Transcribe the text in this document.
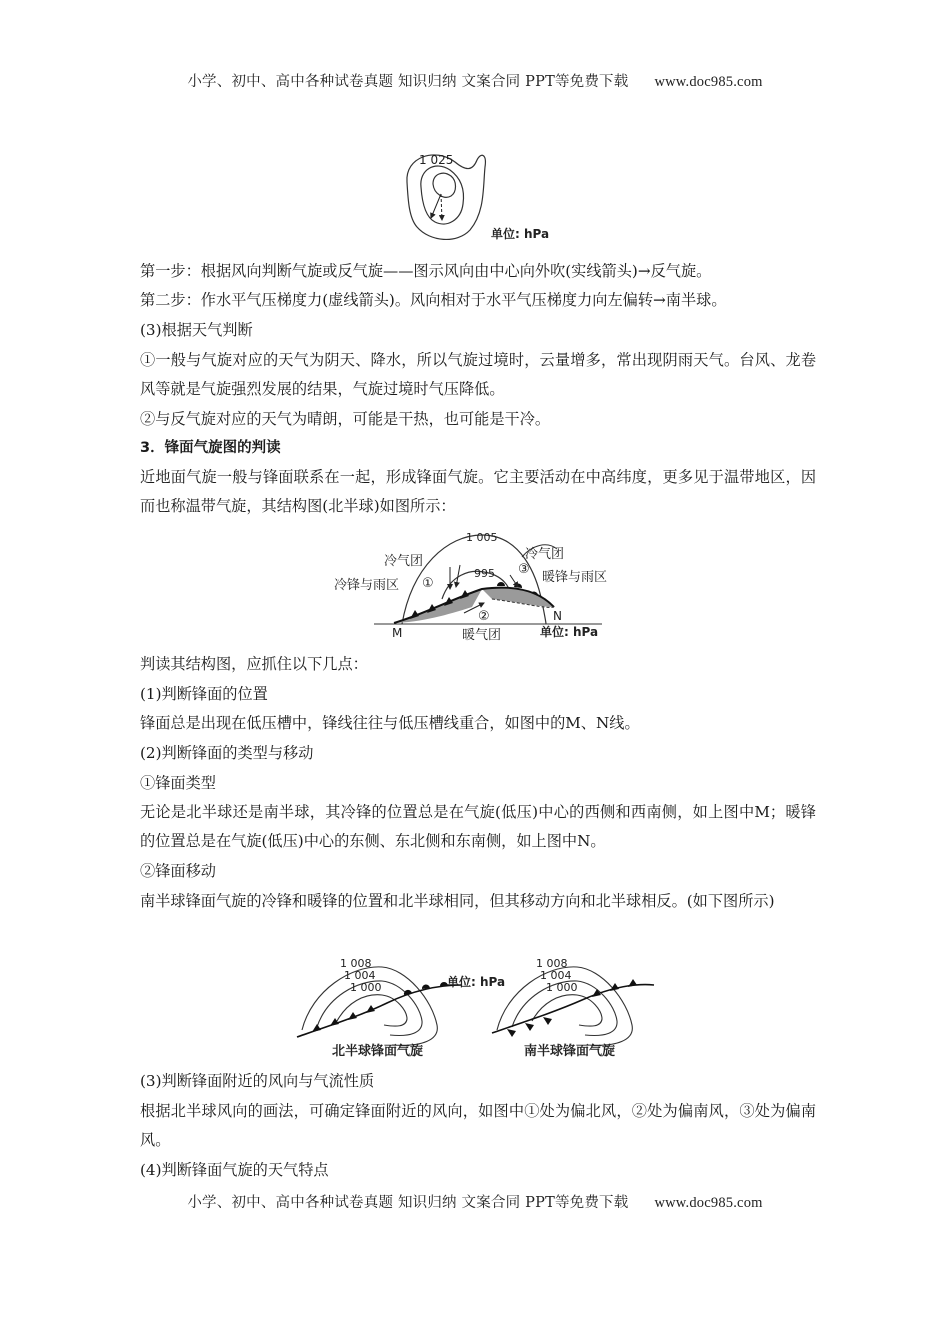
小学、初中、高中各种试卷真题 知识归纳 文案合同 PPT等免费下载 www.doc985.com
1 025
单位: hPa

第一步：根据风向判断气旋或反气旋——图示风向由中心向外吹(实线箭头)→反气旋。

第二步：作水平气压梯度力(虚线箭头)。风向相对于水平气压梯度力向左偏转→南半球。

(3)根据天气判断

①一般与气旋对应的天气为阴天、降水，所以气旋过境时，云量增多，常出现阴雨天气。台风、龙卷风等就是气旋强烈发展的结果，气旋过境时气压降低。

②与反气旋对应的天气为晴朗，可能是干热，也可能是干冷。

3．锋面气旋图的判读

近地面气旋一般与锋面联系在一起，形成锋面气旋。它主要活动在中高纬度，更多见于温带地区，因而也称温带气旋，其结构图(北半球)如图所示：

1 005
995
冷气团	冷气团
冷锋与雨区
暖锋与雨区
①
②
③
暖气团
M
N
单位: hPa

判读其结构图，应抓住以下几点：

(1)判断锋面的位置

锋面总是出现在低压槽中，锋线往往与低压槽线重合，如图中的M、N线。

(2)判断锋面的类型与移动

①锋面类型

无论是北半球还是南半球，其冷锋的位置总是在气旋(低压)中心的西侧和西南侧，如上图中M；暖锋的位置总是在气旋(低压)中心的东侧、东北侧和东南侧，如上图中N。

②锋面移动

南半球锋面气旋的冷锋和暖锋的位置和北半球相同，但其移动方向和北半球相反。(如下图所示)

1 008
1 004
1 000	单位: hPa
1 008
1 004
1 000
北半球锋面气旋	南半球锋面气旋

(3)判断锋面附近的风向与气流性质

根据北半球风向的画法，可确定锋面附近的风向，如图中①处为偏北风，②处为偏南风，③处为偏南风。

(4)判断锋面气旋的天气特点

小学、初中、高中各种试卷真题 知识归纳 文案合同 PPT等免费下载 www.doc985.com
